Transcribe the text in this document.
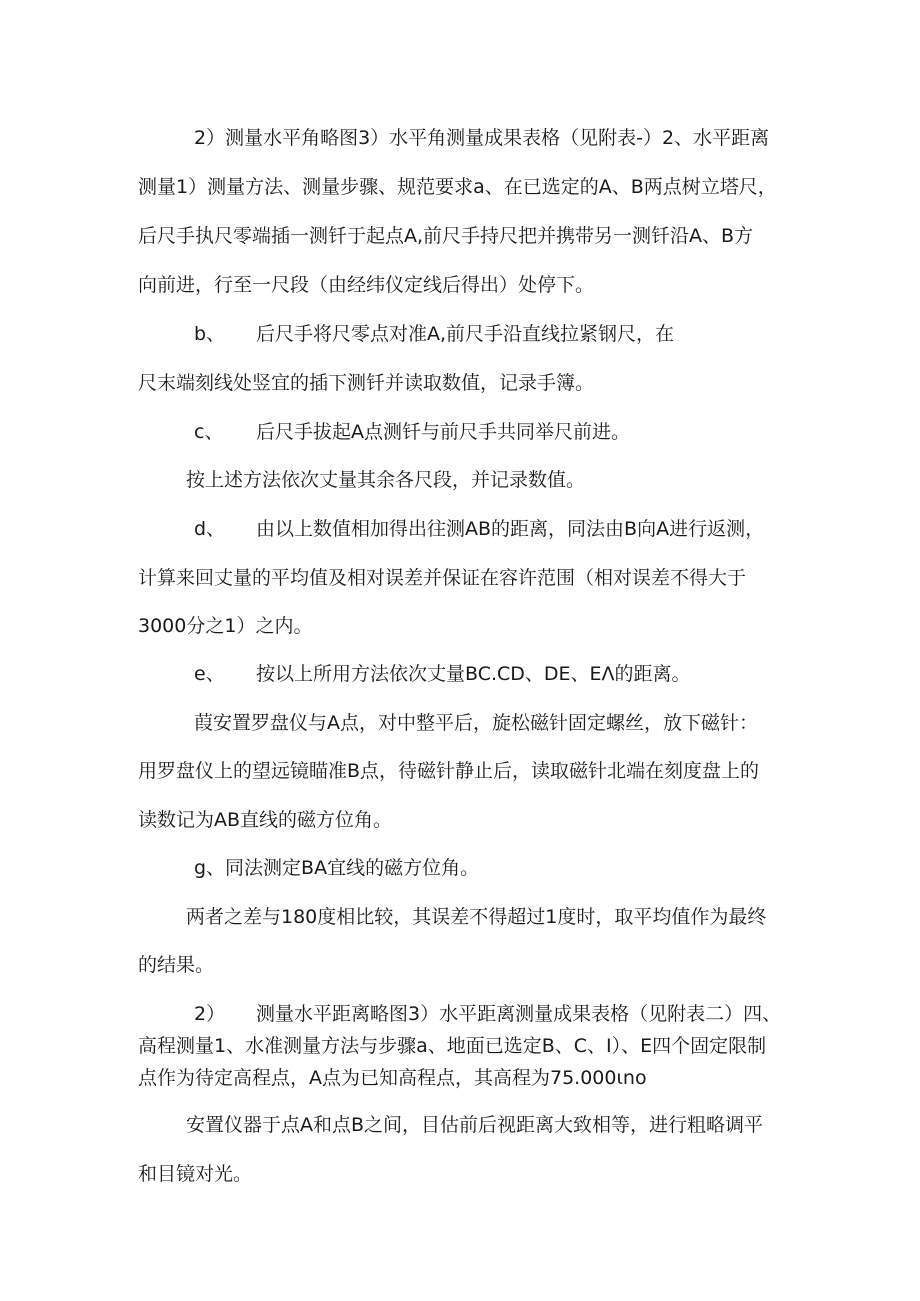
2）测量水平角略图3）水平角测量成果表格（见附表-）2、水平距离
测量1）测量方法、测量步骤、规范要求a、在已选定的A、B两点树立塔尺，
后尺手执尺零端插一测钎于起点A,前尺手持尺把并携带另一测钎沿A、B方
向前进，行至一尺段（由经纬仪定线后得出）处停下。
b、 后尺手将尺零点对准A,前尺手沿直线拉紧钢尺，在
尺末端刻线处竖宜的插下测钎并读取数值，记录手簿。
c、 后尺手拔起A点测钎与前尺手共同举尺前进。
按上述方法依次丈量其余各尺段，并记录数值。
d、 由以上数值相加得出往测AB的距离，同法由B向A进行返测，
计算来回丈量的平均值及相对误差并保证在容许范围（相对误差不得大于
3000分之1）之内。
e、 按以上所用方法依次丈量BC.CD、DE、EΛ的距离。
葭安置罗盘仪与A点，对中整平后，旋松磁针固定螺丝，放下磁针：
用罗盘仪上的望远镜瞄准B点，待磁针静止后，读取磁针北端在刻度盘上的
读数记为AB直线的磁方位角。
g、同法测定BA宜线的磁方位角。
两者之差与180度相比较，其误差不得超过1度时，取平均值作为最终
的结果。
2） 测量水平距离略图3）水平距离测量成果表格（见附表二）四、
高程测量1、水准测量方法与步骤a、地面已选定B、C、I）、E四个固定限制
点作为待定高程点，A点为已知高程点，其高程为75.000ιno
安置仪器于点A和点B之间，目估前后视距离大致相等，进行粗略调平
和目镜对光。
